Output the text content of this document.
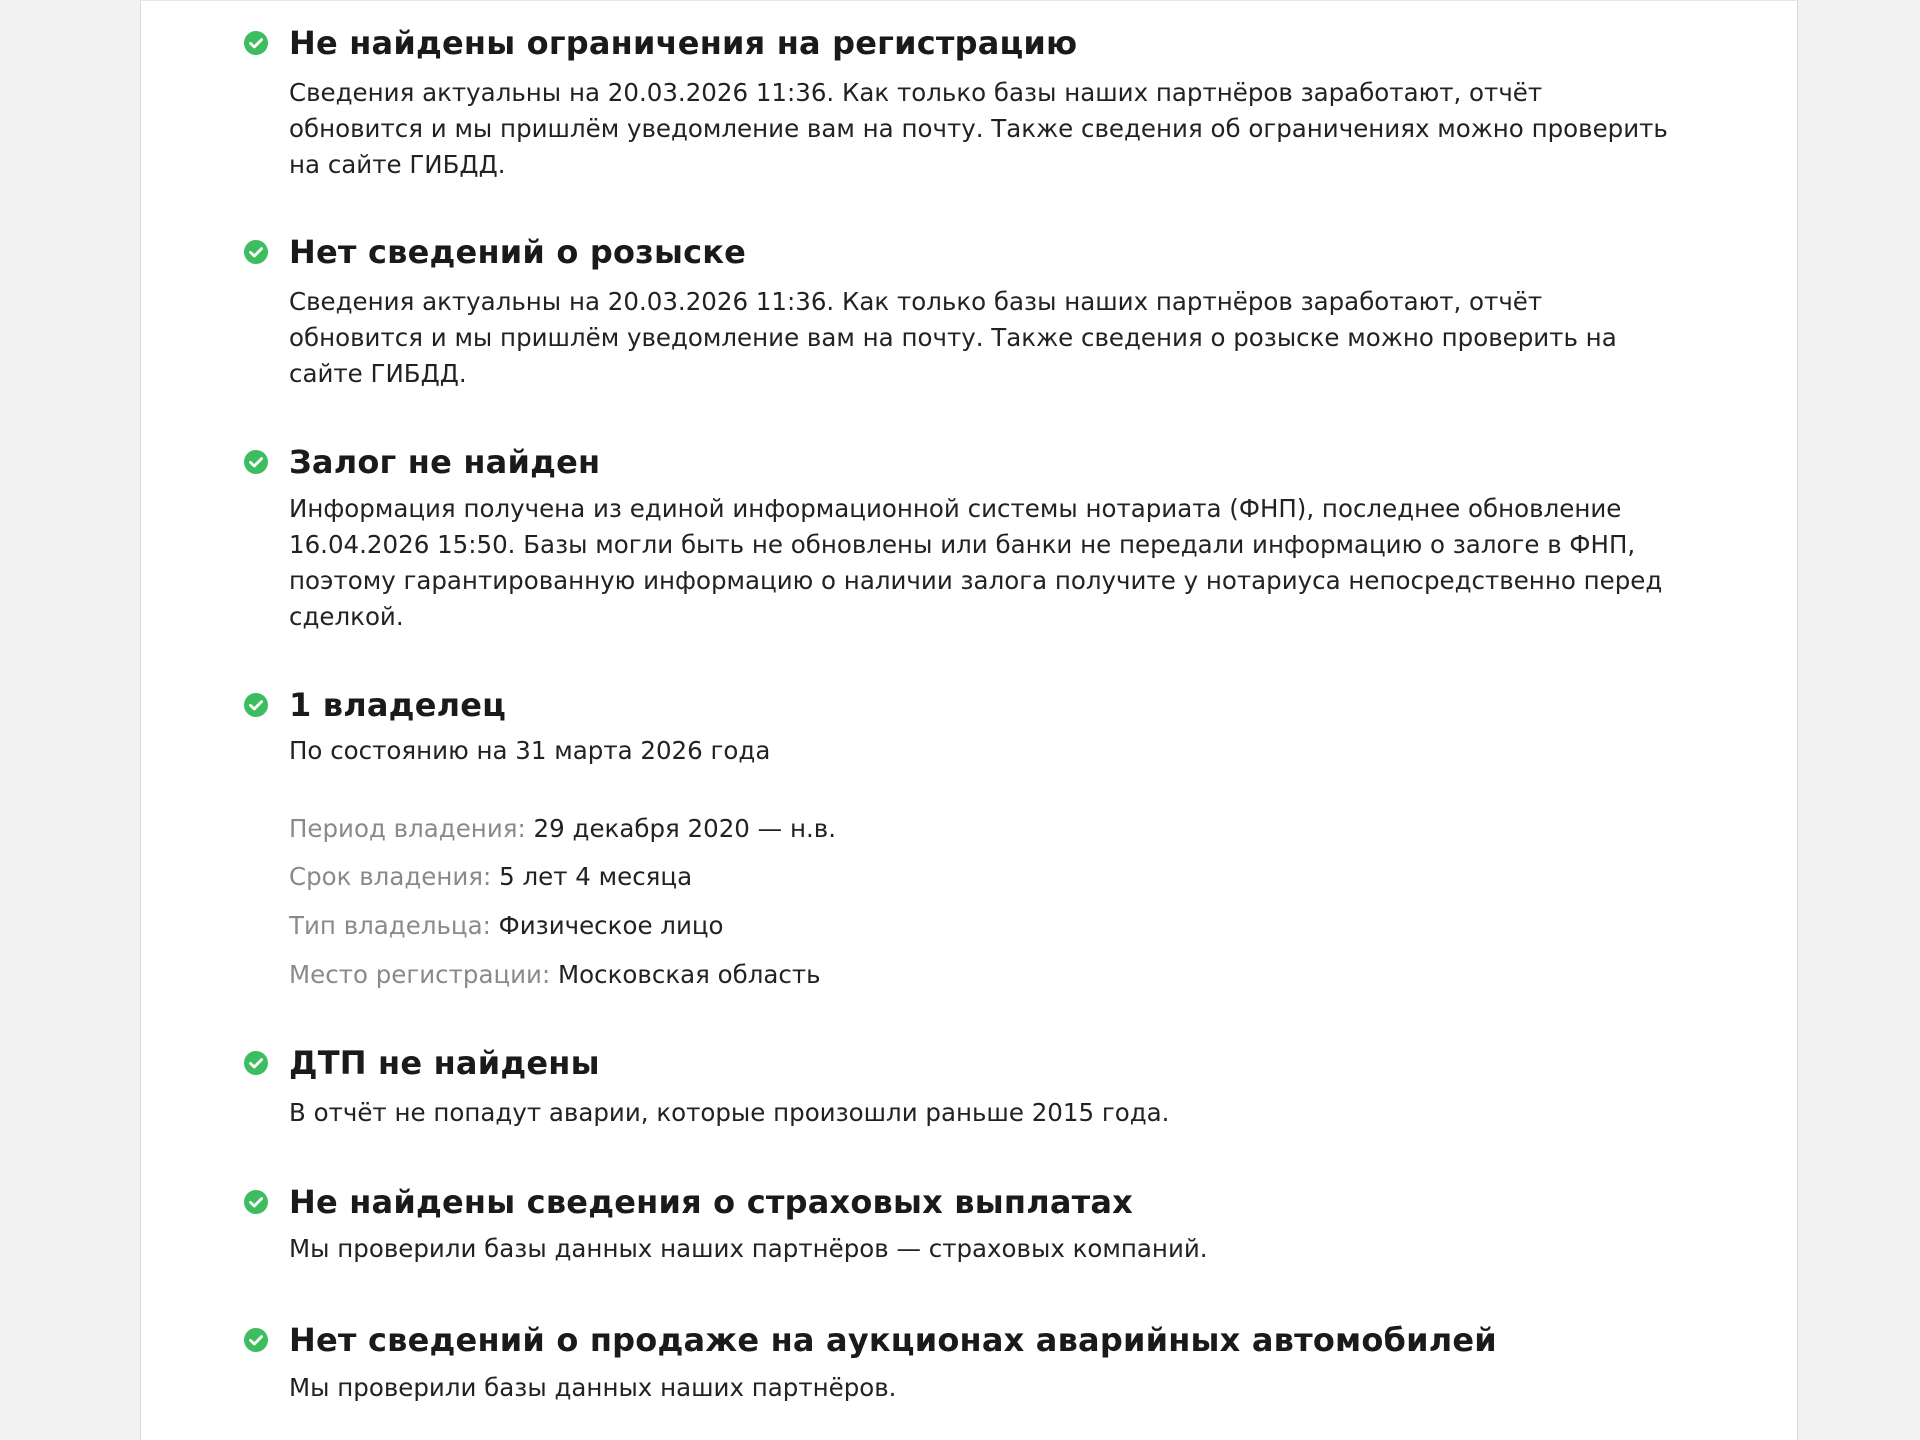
Не найдены ограничения на регистрацию

Сведения актуальны на 20.03.2026 11:36. Как только базы наших партнёров заработают, отчёт обновится и мы пришлём уведомление вам на почту. Также сведения об ограничениях можно проверить на сайте ГИБДД.

Нет сведений о розыске

Сведения актуальны на 20.03.2026 11:36. Как только базы наших партнёров заработают, отчёт обновится и мы пришлём уведомление вам на почту. Также сведения о розыске можно проверить на сайте ГИБДД.

Залог не найден

Информация получена из единой информационной системы нотариата (ФНП), последнее обновление 16.04.2026 15:50. Базы могли быть не обновлены или банки не передали информацию о залоге в ФНП, поэтому гарантированную информацию о наличии залога получите у нотариуса непосредственно перед сделкой.

1 владелец

По состоянию на 31 марта 2026 года

Период владения: 29 декабря 2020 — н.в.

Срок владения: 5 лет 4 месяца

Тип владельца: Физическое лицо

Место регистрации: Московская область

ДТП не найдены

В отчёт не попадут аварии, которые произошли раньше 2015 года.

Не найдены сведения о страховых выплатах

Мы проверили базы данных наших партнёров — страховых компаний.

Нет сведений о продаже на аукционах аварийных автомобилей

Мы проверили базы данных наших партнёров.
